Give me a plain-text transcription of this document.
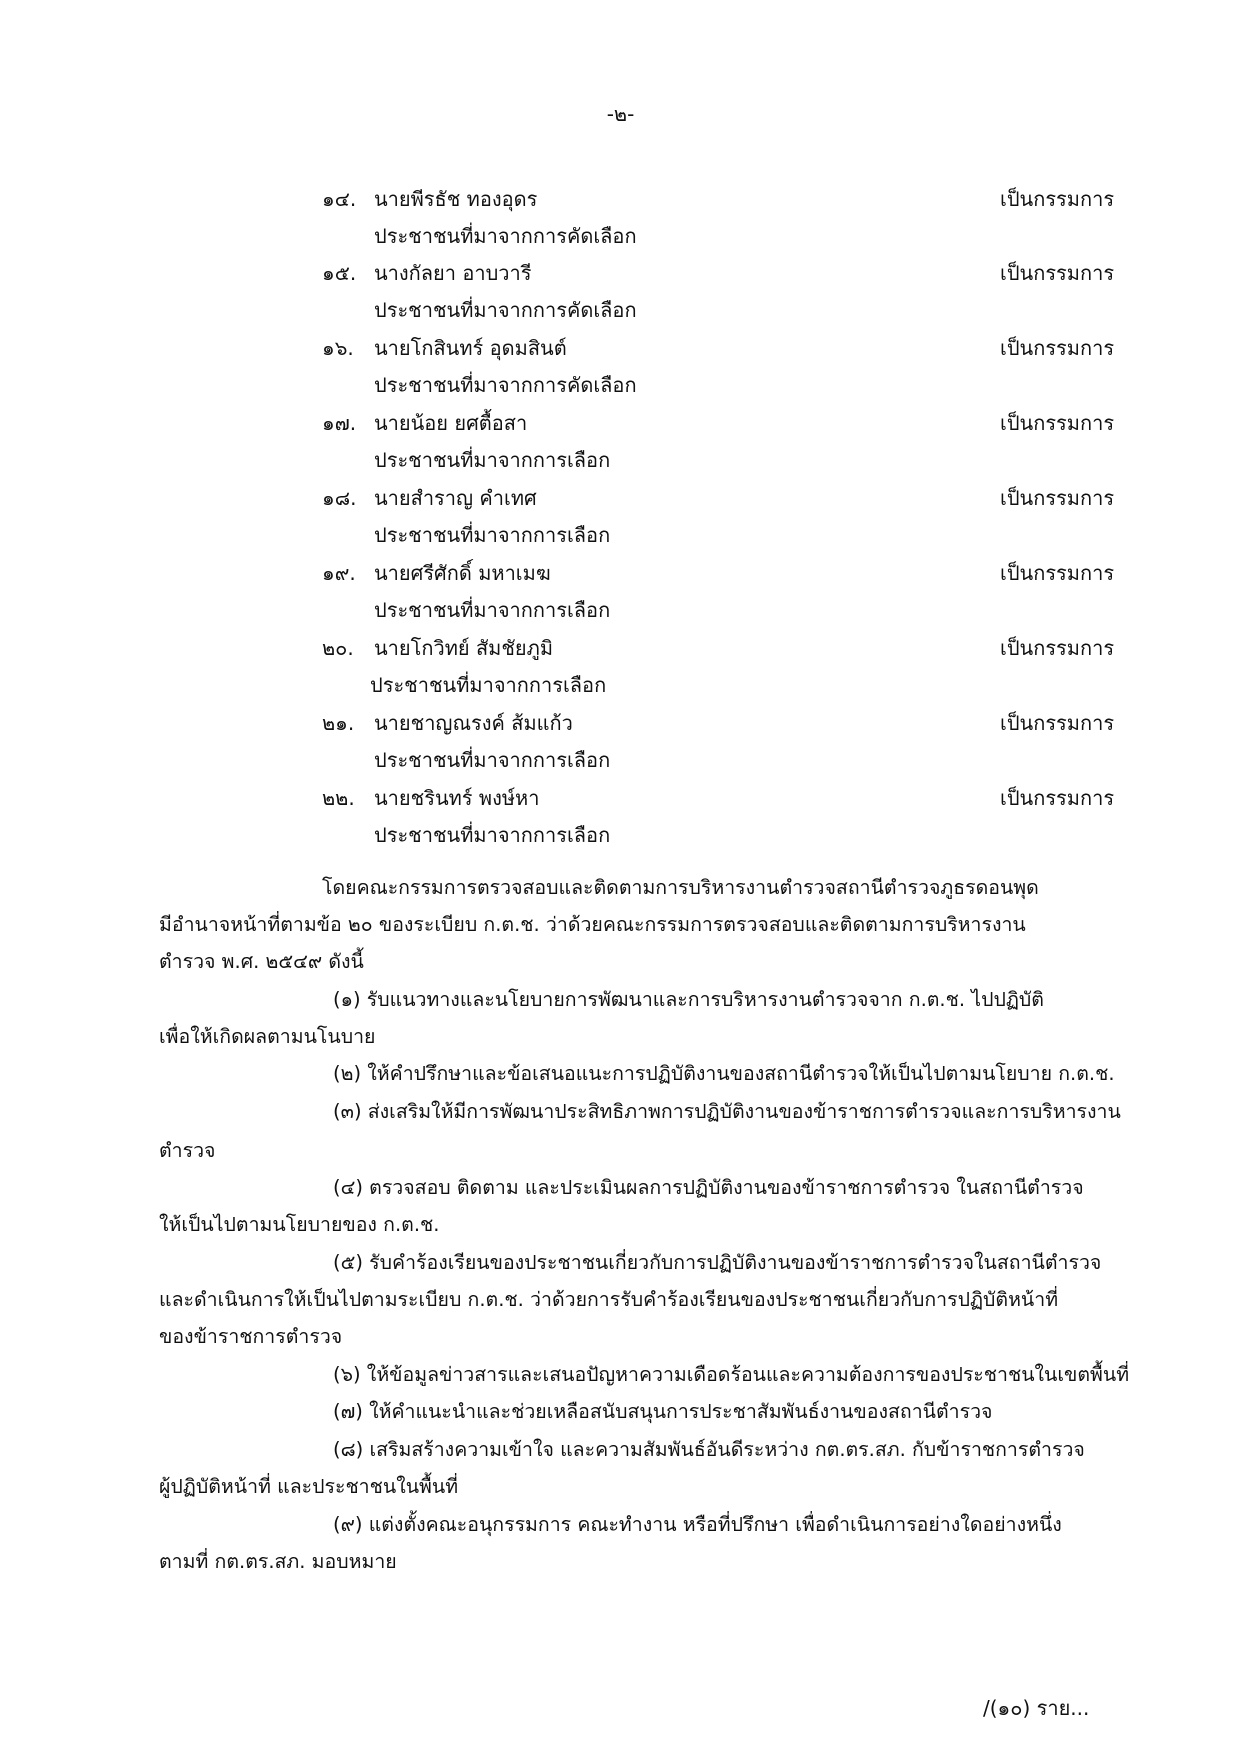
-๒-
๑๔. นายพีรธัช ทองอุดร	เป็นกรรมการ
ประชาชนที่มาจากการคัดเลือก
๑๕. นางกัลยา อาบวารี	เป็นกรรมการ
ประชาชนที่มาจากการคัดเลือก
๑๖. นายโกสินทร์ อุดมสินต์	เป็นกรรมการ
ประชาชนที่มาจากการคัดเลือก
๑๗. นายน้อย ยศตื้อสา	เป็นกรรมการ
ประชาชนที่มาจากการเลือก
๑๘. นายสำราญ คำเทศ	เป็นกรรมการ
ประชาชนที่มาจากการเลือก
๑๙. นายศรีศักดิ์ มหาเมฆ	เป็นกรรมการ
ประชาชนที่มาจากการเลือก
๒๐. นายโกวิทย์ สัมชัยภูมิ	เป็นกรรมการ
ประชาชนที่มาจากการเลือก
๒๑. นายชาญณรงค์ ส้มแก้ว	เป็นกรรมการ
ประชาชนที่มาจากการเลือก
๒๒. นายชรินทร์ พงษ์หา	เป็นกรรมการ
ประชาชนที่มาจากการเลือก
โดยคณะกรรมการตรวจสอบและติดตามการบริหารงานตำรวจสถานีตำรวจภูธรดอนพุด
มีอำนาจหน้าที่ตามข้อ ๒๐ ของระเบียบ ก.ต.ช. ว่าด้วยคณะกรรมการตรวจสอบและติดตามการบริหารงาน
ตำรวจ พ.ศ. ๒๕๔๙ ดังนี้
(๑) รับแนวทางและนโยบายการพัฒนาและการบริหารงานตำรวจจาก ก.ต.ช. ไปปฏิบัติ
เพื่อให้เกิดผลตามนโนบาย
(๒) ให้คำปรึกษาและข้อเสนอแนะการปฏิบัติงานของสถานีตำรวจให้เป็นไปตามนโยบาย ก.ต.ช.
(๓) ส่งเสริมให้มีการพัฒนาประสิทธิภาพการปฏิบัติงานของข้าราชการตำรวจและการบริหารงาน
ตำรวจ
(๔) ตรวจสอบ ติดตาม และประเมินผลการปฏิบัติงานของข้าราชการตำรวจ ในสถานีตำรวจ
ให้เป็นไปตามนโยบายของ ก.ต.ช.
(๕) รับคำร้องเรียนของประชาชนเกี่ยวกับการปฏิบัติงานของข้าราชการตำรวจในสถานีตำรวจ
และดำเนินการให้เป็นไปตามระเบียบ ก.ต.ช. ว่าด้วยการรับคำร้องเรียนของประชาชนเกี่ยวกับการปฏิบัติหน้าที่
ของข้าราชการตำรวจ
(๖) ให้ข้อมูลข่าวสารและเสนอปัญหาความเดือดร้อนและความต้องการของประชาชนในเขตพื้นที่
(๗) ให้คำแนะนำและช่วยเหลือสนับสนุนการประชาสัมพันธ์งานของสถานีตำรวจ
(๘) เสริมสร้างความเข้าใจ และความสัมพันธ์อันดีระหว่าง กต.ตร.สภ. กับข้าราชการตำรวจ
ผู้ปฏิบัติหน้าที่ และประชาชนในพื้นที่
(๙) แต่งตั้งคณะอนุกรรมการ คณะทำงาน หรือที่ปรึกษา เพื่อดำเนินการอย่างใดอย่างหนึ่ง
ตามที่ กต.ตร.สภ. มอบหมาย
/(๑๐) ราย...
